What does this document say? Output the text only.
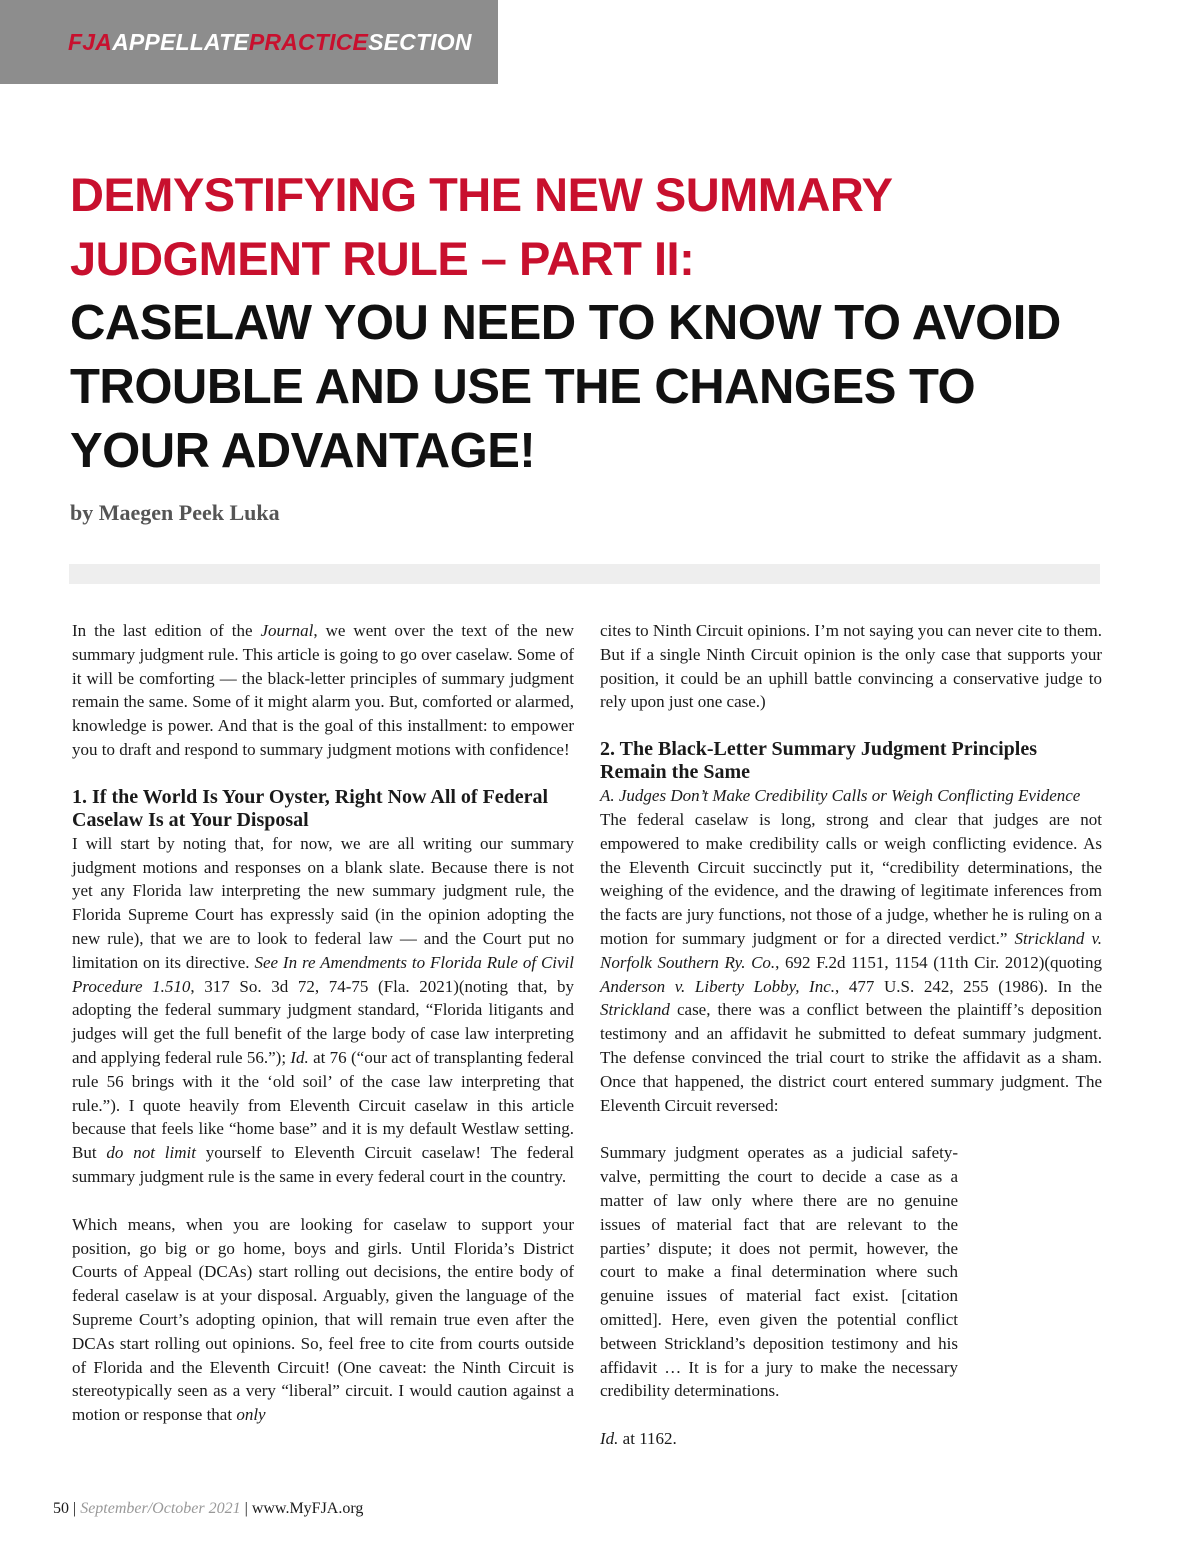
FJAAPPELLATEPRACTICESECTION
DEMYSTIFYING THE NEW SUMMARY
JUDGMENT RULE – PART II:
CASELAW YOU NEED TO KNOW TO AVOID
TROUBLE AND USE THE CHANGES TO
YOUR ADVANTAGE!
by Maegen Peek Luka

In the last edition of the Journal, we went over the text of the new summary judgment rule. This article is going to go over caselaw. Some of it will be comforting — the black-letter principles of summary judgment remain the same. Some of it might alarm you. But, comforted or alarmed, knowledge is power. And that is the goal of this installment: to empower you to draft and respond to summary judgment motions with confidence!

1. If the World Is Your Oyster, Right Now All of Federal Caselaw Is at Your Disposal

I will start by noting that, for now, we are all writing our summary judgment motions and responses on a blank slate. Because there is not yet any Florida law interpreting the new summary judgment rule, the Florida Supreme Court has expressly said (in the opinion adopting the new rule), that we are to look to federal law — and the Court put no limitation on its directive. See In re Amendments to Florida Rule of Civil Procedure 1.510, 317 So. 3d 72, 74-75 (Fla. 2021)(noting that, by adopting the federal summary judgment standard, “Florida litigants and judges will get the full benefit of the large body of case law interpreting and applying federal rule 56.”); Id. at 76 (“our act of transplanting federal rule 56 brings with it the ‘old soil’ of the case law interpreting that rule.”). I quote heavily from Eleventh Circuit caselaw in this article because that feels like “home base” and it is my default Westlaw setting. But do not limit yourself to Eleventh Circuit caselaw! The federal summary judgment rule is the same in every federal court in the country.

Which means, when you are looking for caselaw to support your position, go big or go home, boys and girls. Until Florida’s District Courts of Appeal (DCAs) start rolling out decisions, the entire body of federal caselaw is at your disposal. Arguably, given the language of the Supreme Court’s adopting opinion, that will remain true even after the DCAs start rolling out opinions. So, feel free to cite from courts outside of Florida and the Eleventh Circuit! (One caveat: the Ninth Circuit is stereotypically seen as a very “liberal” circuit. I would caution against a motion or response that only

cites to Ninth Circuit opinions. I’m not saying you can never cite to them. But if a single Ninth Circuit opinion is the only case that supports your position, it could be an uphill battle convincing a conservative judge to rely upon just one case.)

2. The Black-Letter Summary Judgment Principles Remain the Same

A. Judges Don’t Make Credibility Calls or Weigh Conflicting Evidence

The federal caselaw is long, strong and clear that judges are not empowered to make credibility calls or weigh conflicting evidence. As the Eleventh Circuit succinctly put it, “credibility determinations, the weighing of the evidence, and the drawing of legitimate inferences from the facts are jury functions, not those of a judge, whether he is ruling on a motion for summary judgment or for a directed verdict.” Strickland v. Norfolk Southern Ry. Co., 692 F.2d 1151, 1154 (11th Cir. 2012)(quoting Anderson v. Liberty Lobby, Inc., 477 U.S. 242, 255 (1986). In the Strickland case, there was a conflict between the plaintiff’s deposition testimony and an affidavit he submitted to defeat summary judgment. The defense convinced the trial court to strike the affidavit as a sham. Once that happened, the district court entered summary judgment. The Eleventh Circuit reversed:

Summary judgment operates as a judicial safety-valve, permitting the court to decide a case as a matter of law only where there are no genuine issues of material fact that are relevant to the parties’ dispute; it does not permit, however, the court to make a final determination where such genuine issues of material fact exist. [citation omitted]. Here, even given the potential conflict between Strickland’s deposition testimony and his affidavit … It is for a jury to make the necessary credibility determinations.

Id. at 1162.

50 | September/October 2021 | www.MyFJA.org
